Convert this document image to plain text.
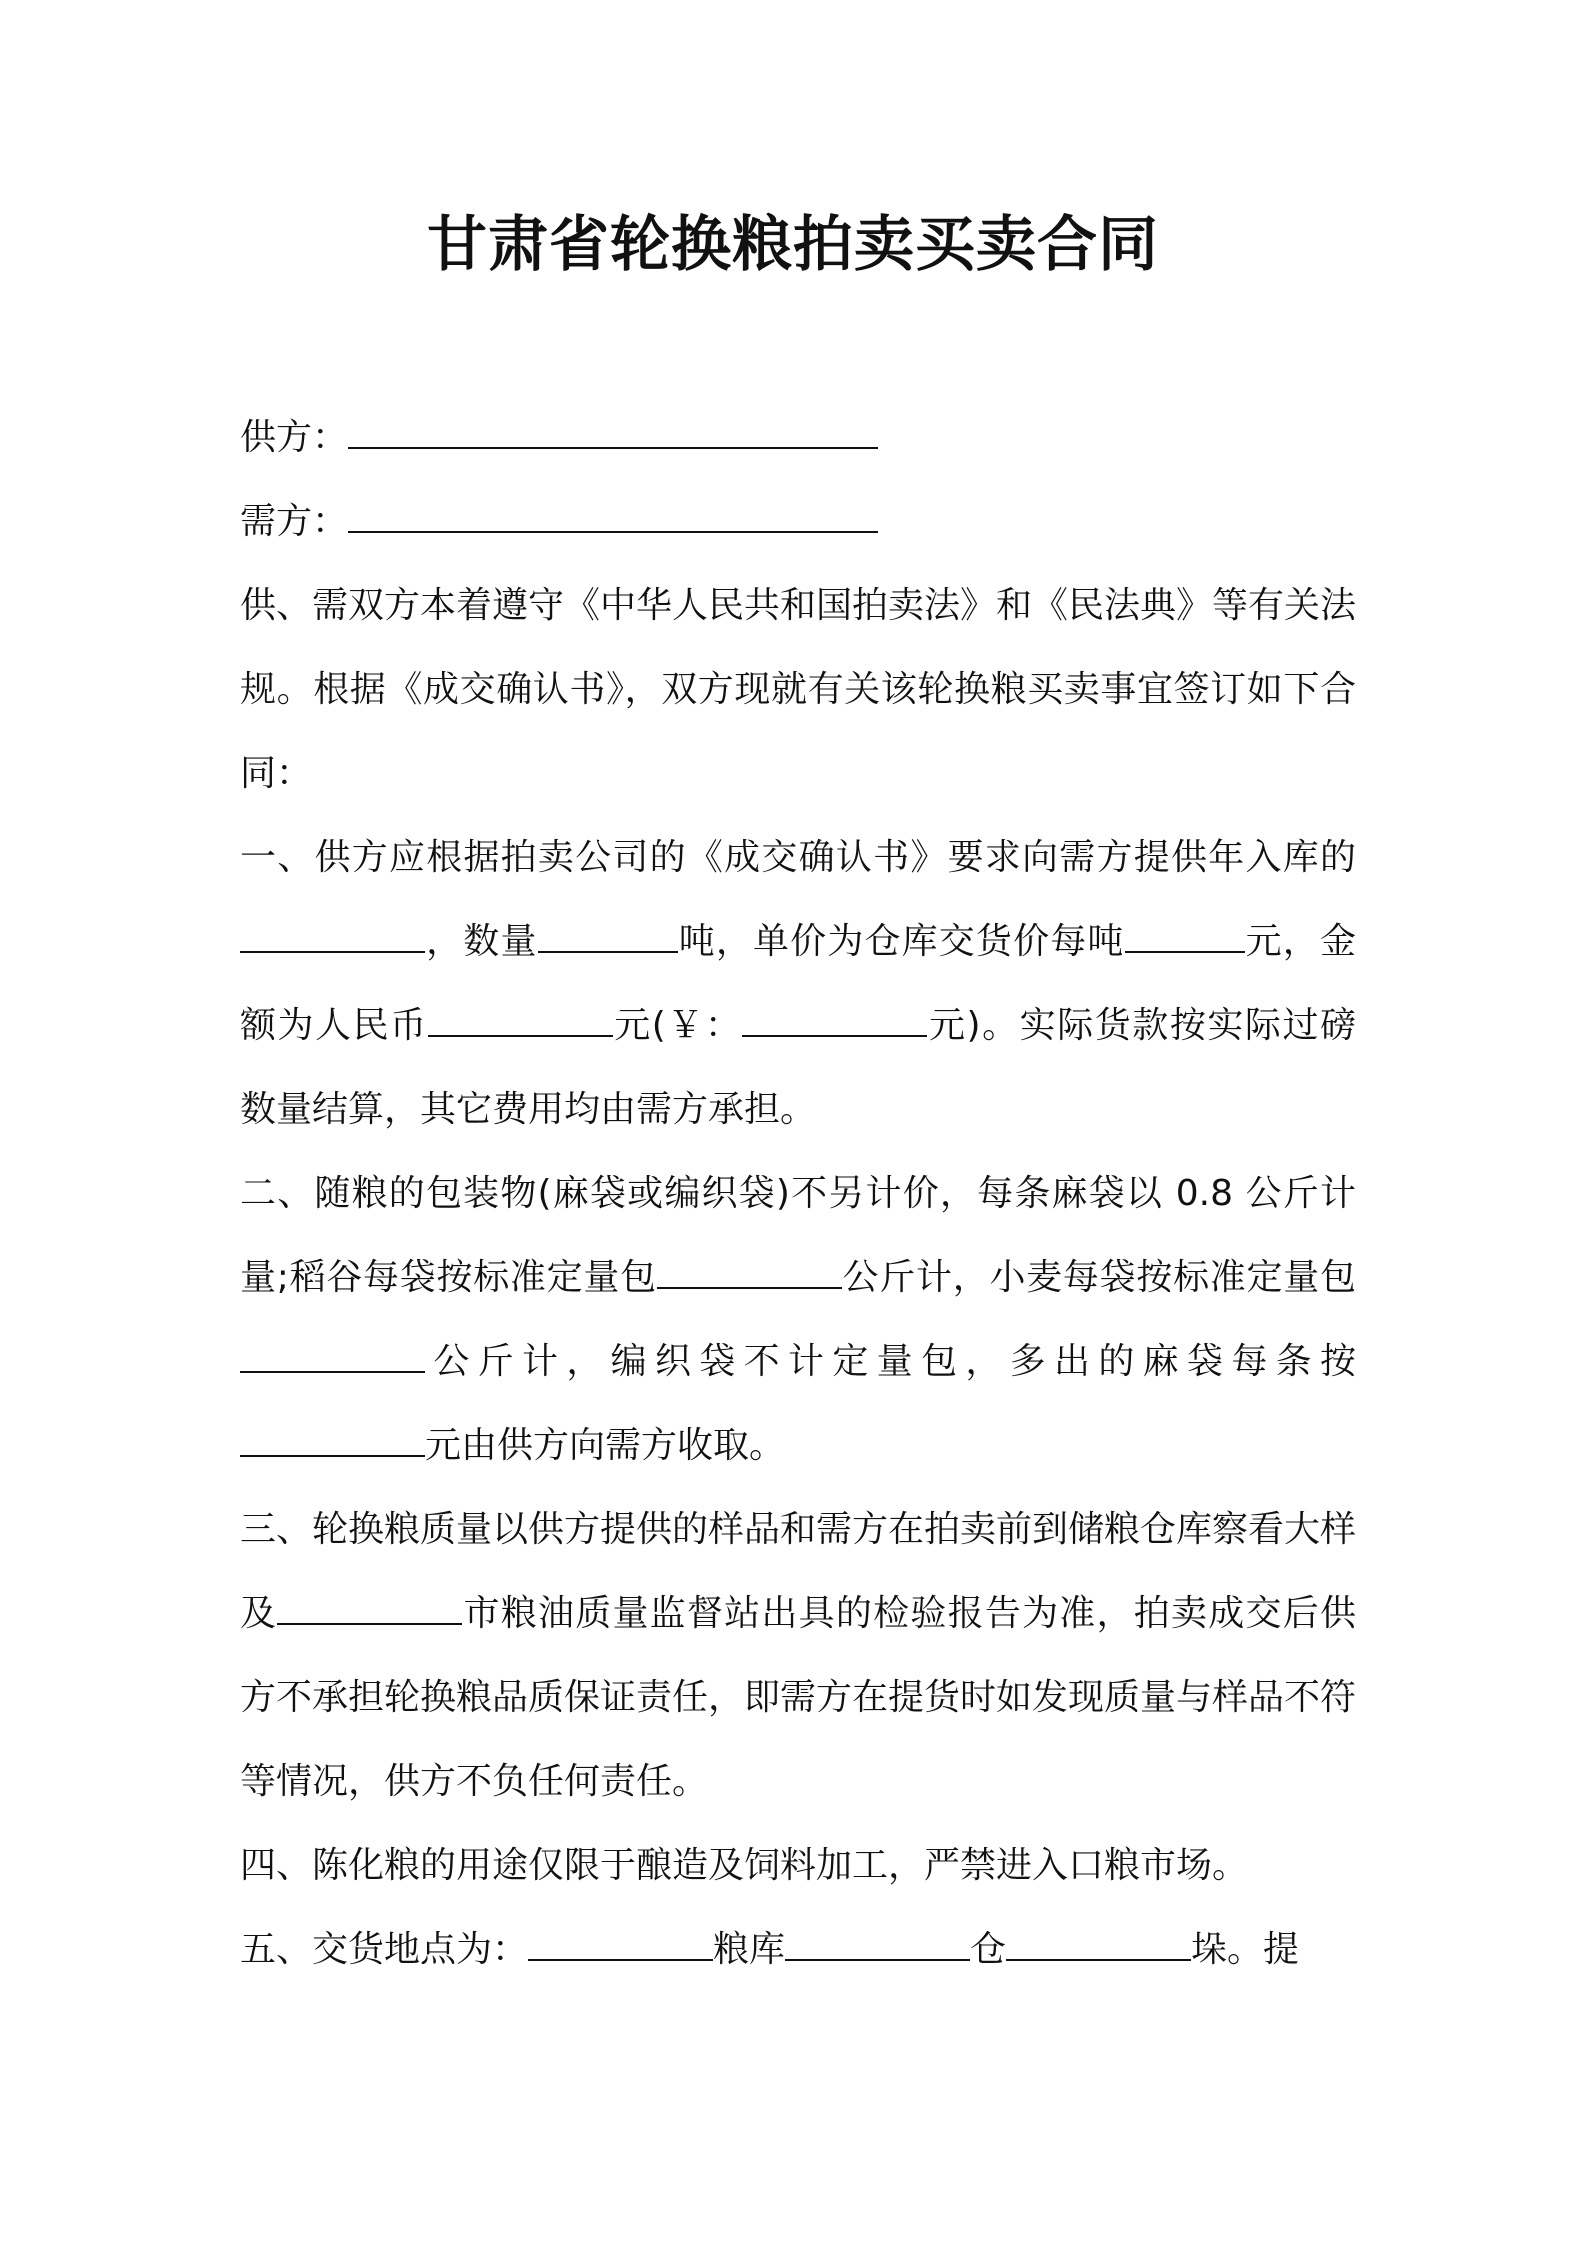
甘肃省轮换粮拍卖买卖合同

供方：

需方：

供、需双方本着遵守《中华人民共和国拍卖法》和《民法典》等有关法规。根据《成交确认书》，双方现就有关该轮换粮买卖事宜签订如下合同：

一、供方应根据拍卖公司的《成交确认书》要求向需方提供年入库的，数量	吨，单价为仓库交货价每吨	元，金额为人民币	元(￥：	元)。实际货款按实际过磅数量结算，其它费用均由需方承担。

二、随粮的包装物(麻袋或编织袋)不另计价，每条麻袋以 0.8 公斤计量;稻谷每袋按标准定量包	公斤计，小麦每袋按标准定量包公斤计，编织袋不计定量包，多出的麻袋每条按元由供方向需方收取。

三、轮换粮质量以供方提供的样品和需方在拍卖前到储粮仓库察看大样及	市粮油质量监督站出具的检验报告为准，拍卖成交后供方不承担轮换粮品质保证责任，即需方在提货时如发现质量与样品不符等情况，供方不负任何责任。

四、陈化粮的用途仅限于酿造及饲料加工，严禁进入口粮市场。

五、交货地点为：	粮库	仓	垛。提
